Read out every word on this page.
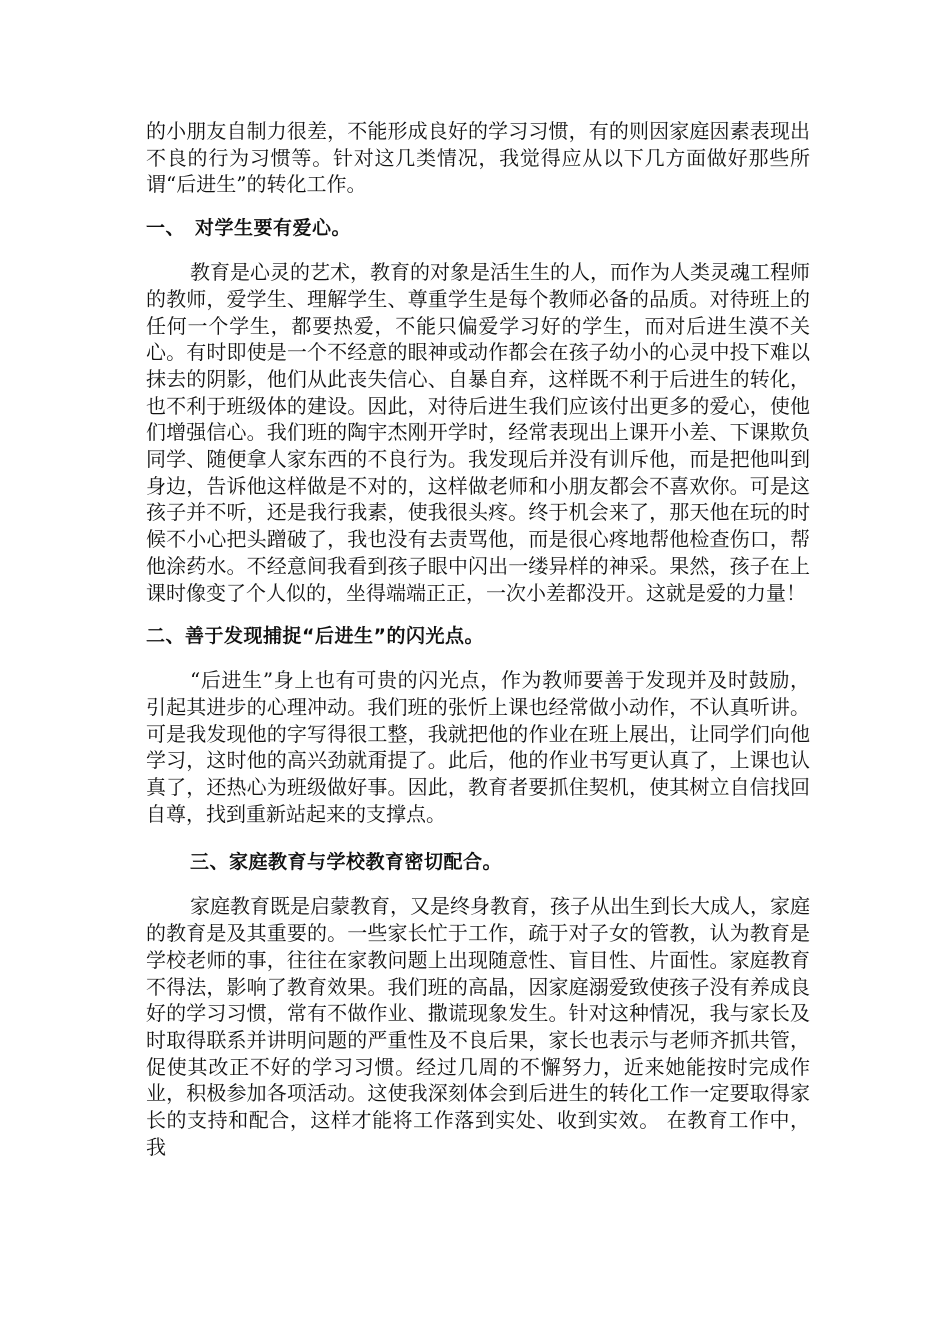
的小朋友自制力很差，不能形成良好的学习习惯，有的则因家庭因素表现出不良的行为习惯等。针对这几类情况，我觉得应从以下几方面做好那些所谓“后进生”的转化工作。

一、　对学生要有爱心。

教育是心灵的艺术，教育的对象是活生生的人，而作为人类灵魂工程师的教师，爱学生、理解学生、尊重学生是每个教师必备的品质。对待班上的任何一个学生，都要热爱，不能只偏爱学习好的学生，而对后进生漠不关心。有时即使是一个不经意的眼神或动作都会在孩子幼小的心灵中投下难以抹去的阴影，他们从此丧失信心、自暴自弃，这样既不利于后进生的转化，也不利于班级体的建设。因此，对待后进生我们应该付出更多的爱心，使他们增强信心。我们班的陶宇杰刚开学时，经常表现出上课开小差、下课欺负同学、随便拿人家东西的不良行为。我发现后并没有训斥他，而是把他叫到身边，告诉他这样做是不对的，这样做老师和小朋友都会不喜欢你。可是这孩子并不听，还是我行我素，使我很头疼。终于机会来了，那天他在玩的时候不小心把头蹭破了，我也没有去责骂他，而是很心疼地帮他检查伤口，帮他涂药水。不经意间我看到孩子眼中闪出一缕异样的神采。果然，孩子在上课时像变了个人似的，坐得端端正正，一次小差都没开。这就是爱的力量！

二、善于发现捕捉“后进生”的闪光点。

“后进生”身上也有可贵的闪光点，作为教师要善于发现并及时鼓励，引起其进步的心理冲动。我们班的张忻上课也经常做小动作，不认真听讲。可是我发现他的字写得很工整，我就把他的作业在班上展出，让同学们向他学习，这时他的高兴劲就甭提了。此后，他的作业书写更认真了，上课也认真了，还热心为班级做好事。因此，教育者要抓住契机，使其树立自信找回自尊，找到重新站起来的支撑点。

三、家庭教育与学校教育密切配合。

家庭教育既是启蒙教育，又是终身教育，孩子从出生到长大成人，家庭的教育是及其重要的。一些家长忙于工作，疏于对子女的管教，认为教育是学校老师的事，往往在家教问题上出现随意性、盲目性、片面性。家庭教育不得法，影响了教育效果。我们班的高晶，因家庭溺爱致使孩子没有养成良好的学习习惯，常有不做作业、撒谎现象发生。针对这种情况，我与家长及时取得联系并讲明问题的严重性及不良后果，家长也表示与老师齐抓共管，促使其改正不好的学习习惯。经过几周的不懈努力，近来她能按时完成作业，积极参加各项活动。这使我深刻体会到后进生的转化工作一定要取得家长的支持和配合，这样才能将工作落到实处、收到实效。 在教育工作中，我
